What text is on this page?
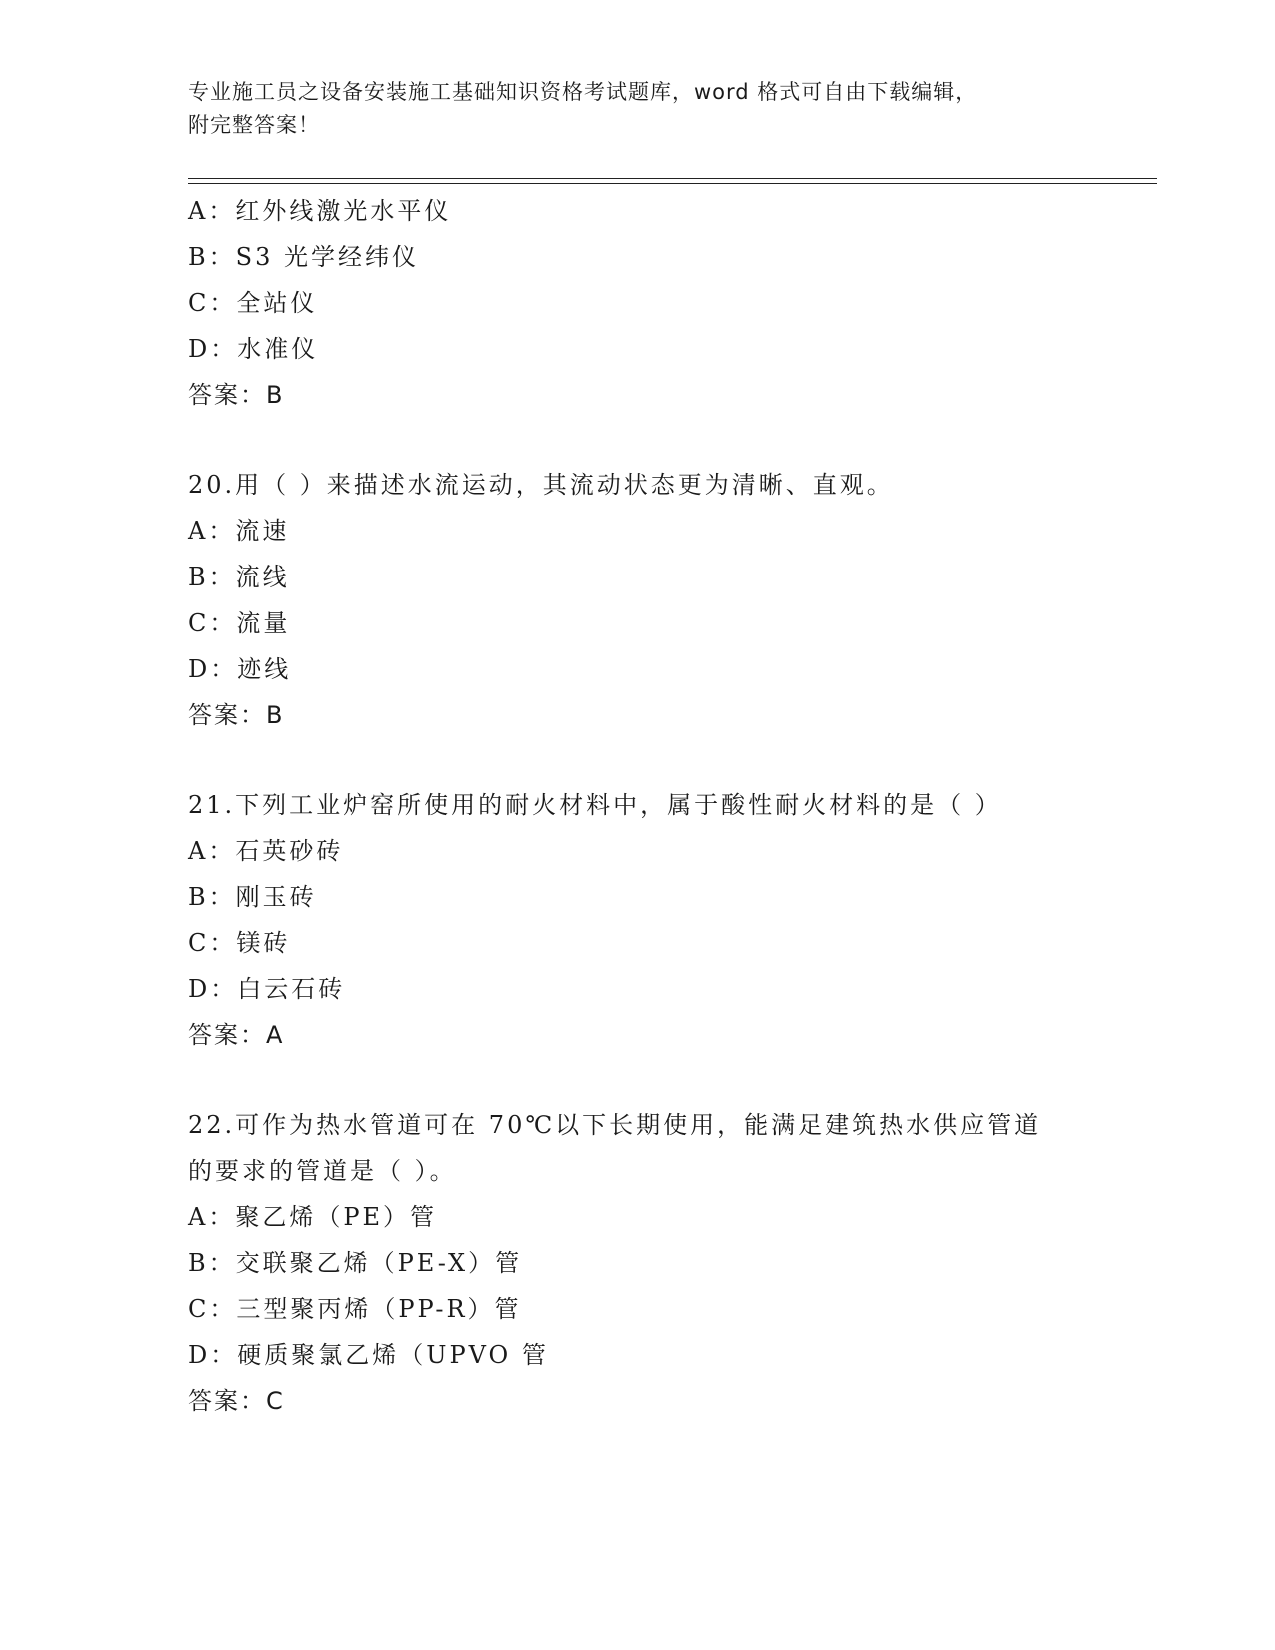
专业施工员之设备安装施工基础知识资格考试题库，word 格式可自由下载编辑，
附完整答案！
A：红外线激光水平仪
B：S3 光学经纬仪
C：全站仪
D：水准仪
答案：B
20.用（ ）来描述水流运动，其流动状态更为清晰、直观。
A：流速
B：流线
C：流量
D：迹线
答案：B
21.下列工业炉窑所使用的耐火材料中，属于酸性耐火材料的是（ ）
A：石英砂砖
B：刚玉砖
C：镁砖
D：白云石砖
答案：A
22.可作为热水管道可在 70℃以下长期使用，能满足建筑热水供应管道
的要求的管道是（ ）。
A：聚乙烯（PE）管
B：交联聚乙烯（PE-X）管
C：三型聚丙烯（PP-R）管
D：硬质聚氯乙烯（UPVO 管
答案：C
